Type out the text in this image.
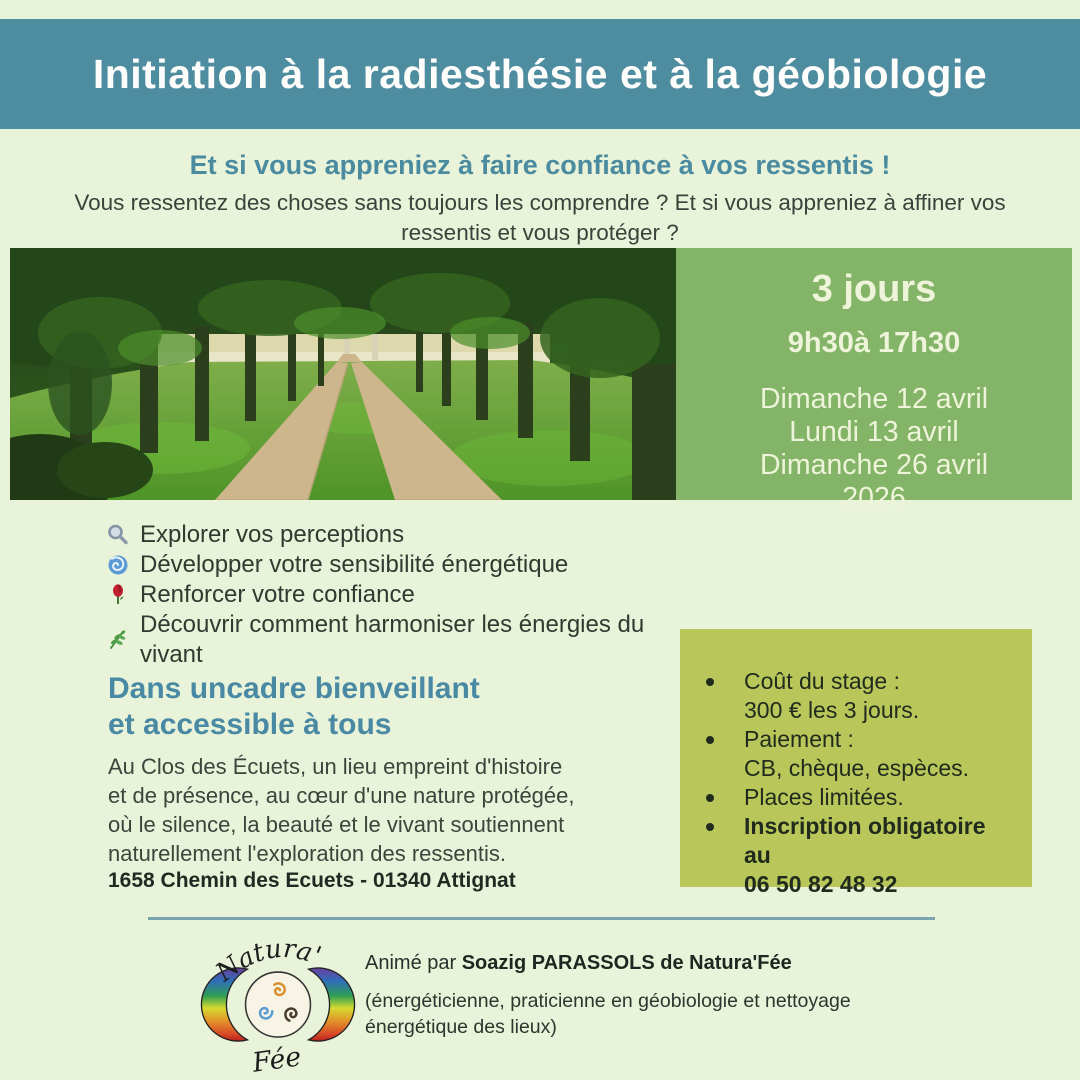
Initiation à la radiesthésie et à la géobiologie
Et si vous appreniez à faire confiance à vos ressentis !
Vous ressentez des choses sans toujours les comprendre ? Et si vous appreniez à affiner vos
ressentis et vous protéger ?
3 jours
9h30à 17h30
Dimanche 12 avril
Lundi 13 avril
Dimanche 26 avril
2026
Explorer vos perceptions
Développer votre sensibilité énergétique
Renforcer votre confiance
Découvrir comment harmoniser les énergies du vivant
Dans uncadre bienveillant
et accessible à tous
Au Clos des Écuets, un lieu empreint d'histoire
et de présence, au cœur d'une nature protégée,
où le silence, la beauté et le vivant soutiennent
naturellement l'exploration des ressentis.
1658 Chemin des Ecuets - 01340 Attignat
Coût du stage :
300 € les 3 jours.
Paiement :
CB, chèque, espèces.
Places limitées.
Inscription obligatoire au
06 50 82 48 32
Natura'
Fée
Animé par Soazig PARASSOLS de Natura'Fée
(énergéticienne, praticienne en géobiologie et nettoyage
énergétique des lieux)
